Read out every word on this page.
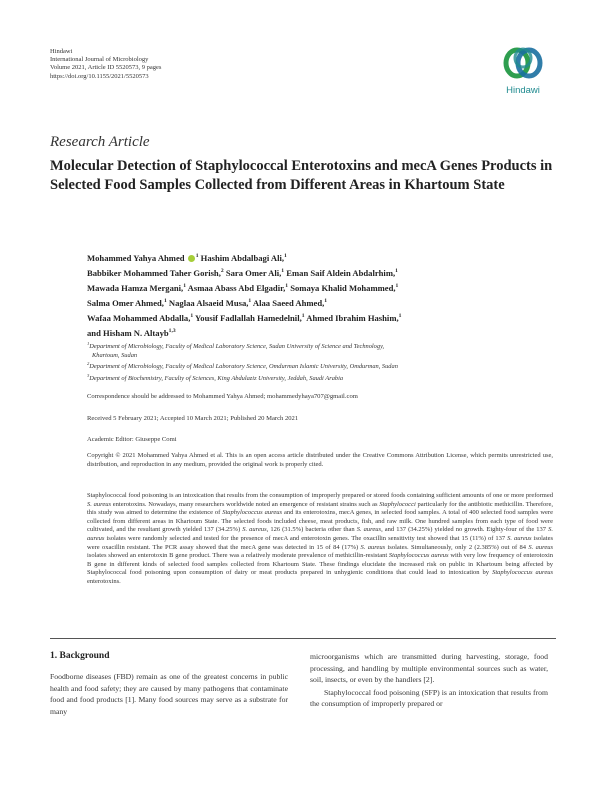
Hindawi
International Journal of Microbiology
Volume 2021, Article ID 5520573, 9 pages
https://doi.org/10.1155/2021/5520573
Hindawi
Research Article
Molecular Detection of Staphylococcal Enterotoxins and mecA Genes Products in Selected Food Samples Collected from Different Areas in Khartoum State
Mohammed Yahya Ahmed $^1$ Hashim Abdalbagi Ali,$^1$
Babbiker Mohammed Taher Gorish,$^2$ Sara Omer Ali,$^1$ Eman Saif Aldein Abdalrhim,$^1$
Mawada Hamza Mergani,$^1$ Asmaa Abass Abd Elgadir,$^1$ Somaya Khalid Mohammed,$^1$
Salma Omer Ahmed,$^1$ Naglaa Alsaeid Musa,$^1$ Alaa Saeed Ahmed,$^1$
Wafaa Mohammed Abdalla,$^1$ Yousif Fadlallah Hamedelnil,$^1$ Ahmed Ibrahim Hashim,$^1$
and Hisham N. Altayb$^{1,3}$
$^1$Department of Microbiology, Faculty of Medical Laboratory Science, Sudan University of Science and Technology,
Khartoum, Sudan
$^2$Department of Microbiology, Faculty of Medical Laboratory Science, Omdurman Islamic University, Omdurman, Sudan
$^3$Department of Biochemistry, Faculty of Sciences, King Abdulaziz University, Jeddah, Saudi Arabia
Correspondence should be addressed to Mohammed Yahya Ahmed; mohammedyhaya707@gmail.com
Received 5 February 2021; Accepted 10 March 2021; Published 20 March 2021
Academic Editor: Giuseppe Comi
Copyright © 2021 Mohammed Yahya Ahmed et al. This is an open access article distributed under the Creative Commons Attribution License, which permits unrestricted use, distribution, and reproduction in any medium, provided the original work is properly cited.
Staphylococcal food poisoning is an intoxication that results from the consumption of improperly prepared or stored foods containing sufficient amounts of one or more preformed S. aureus enterotoxins. Nowadays, many researchers worldwide noted an emergence of resistant strains such as Staphylococci particularly for the antibiotic methicillin. Therefore, this study was aimed to determine the existence of Staphylococcus aureus and its enterotoxins, mecA genes, in selected food samples. A total of 400 selected food samples were collected from different areas in Khartoum State. The selected foods included cheese, meat products, fish, and raw milk. One hundred samples from each type of food were cultivated, and the resultant growth yielded 137 (34.25%) S. aureus, 126 (31.5%) bacteria other than S. aureus, and 137 (34.25%) yielded no growth. Eighty-four of the 137 S. aureus isolates were randomly selected and tested for the presence of mecA and enterotoxin genes. The oxacillin sensitivity test showed that 15 (11%) of 137 S. aureus isolates were oxacillin resistant. The PCR assay showed that the mecA gene was detected in 15 of 84 (17%) S. aureus isolates. Simultaneously, only 2 (2.385%) out of 84 S. aureus isolates showed an enterotoxin B gene product. There was a relatively moderate prevalence of methicillin-resistant Staphylococcus aureus with very low frequency of enterotoxin B gene in different kinds of selected food samples collected from Khartoum State. These findings elucidate the increased risk on public in Khartoum being affected by Staphylococcal food poisoning upon consumption of dairy or meat products prepared in unhygienic conditions that could lead to intoxication by Staphylococcus aureus enterotoxins.
1. Background

Foodborne diseases (FBD) remain as one of the greatest concerns in public health and food safety; they are caused by many pathogens that contaminate food and food products [1]. Many food sources may serve as a substrate for many

microorganisms which are transmitted during harvesting, storage, food processing, and handling by multiple environmental sources such as water, soil, insects, or even by the handlers [2].

Staphylococcal food poisoning (SFP) is an intoxication that results from the consumption of improperly prepared or
